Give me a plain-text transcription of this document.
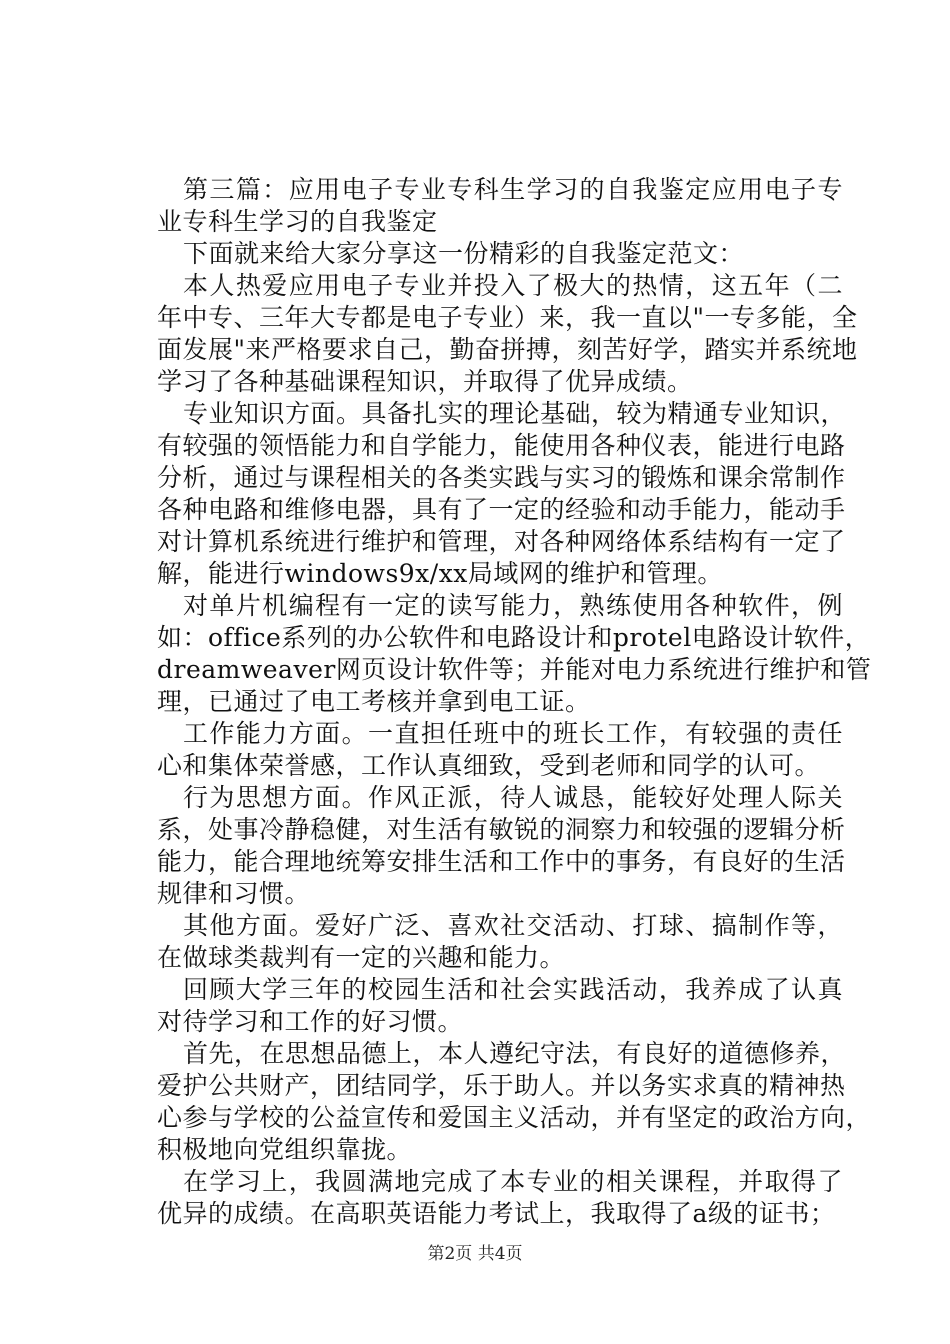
第三篇：应用电子专业专科生学习的自我鉴定应用电子专
业专科生学习的自我鉴定
下面就来给大家分享这一份精彩的自我鉴定范文：
本人热爱应用电子专业并投入了极大的热情，这五年（二
年中专、三年大专都是电子专业）来，我一直以"一专多能，全
面发展"来严格要求自己，勤奋拼搏，刻苦好学，踏实并系统地
学习了各种基础课程知识，并取得了优异成绩。
专业知识方面。具备扎实的理论基础，较为精通专业知识，
有较强的领悟能力和自学能力，能使用各种仪表，能进行电路
分析，通过与课程相关的各类实践与实习的锻炼和课余常制作
各种电路和维修电器，具有了一定的经验和动手能力，能动手
对计算机系统进行维护和管理，对各种网络体系结构有一定了
解，能进行windows9x/xx局域网的维护和管理。
对单片机编程有一定的读写能力，熟练使用各种软件，例
如：office系列的办公软件和电路设计和protel电路设计软件，
dreamweaver网页设计软件等；并能对电力系统进行维护和管
理，已通过了电工考核并拿到电工证。
工作能力方面。一直担任班中的班长工作，有较强的责任
心和集体荣誉感，工作认真细致，受到老师和同学的认可。
行为思想方面。作风正派，待人诚恳，能较好处理人际关
系，处事冷静稳健，对生活有敏锐的洞察力和较强的逻辑分析
能力，能合理地统筹安排生活和工作中的事务，有良好的生活
规律和习惯。
其他方面。爱好广泛、喜欢社交活动、打球、搞制作等，
在做球类裁判有一定的兴趣和能力。
回顾大学三年的校园生活和社会实践活动，我养成了认真
对待学习和工作的好习惯。
首先，在思想品德上，本人遵纪守法，有良好的道德修养，
爱护公共财产，团结同学，乐于助人。并以务实求真的精神热
心参与学校的公益宣传和爱国主义活动，并有坚定的政治方向，
积极地向党组织靠拢。
在学习上，我圆满地完成了本专业的相关课程，并取得了
优异的成绩。在高职英语能力考试上，我取得了a级的证书；
第2页 共4页
